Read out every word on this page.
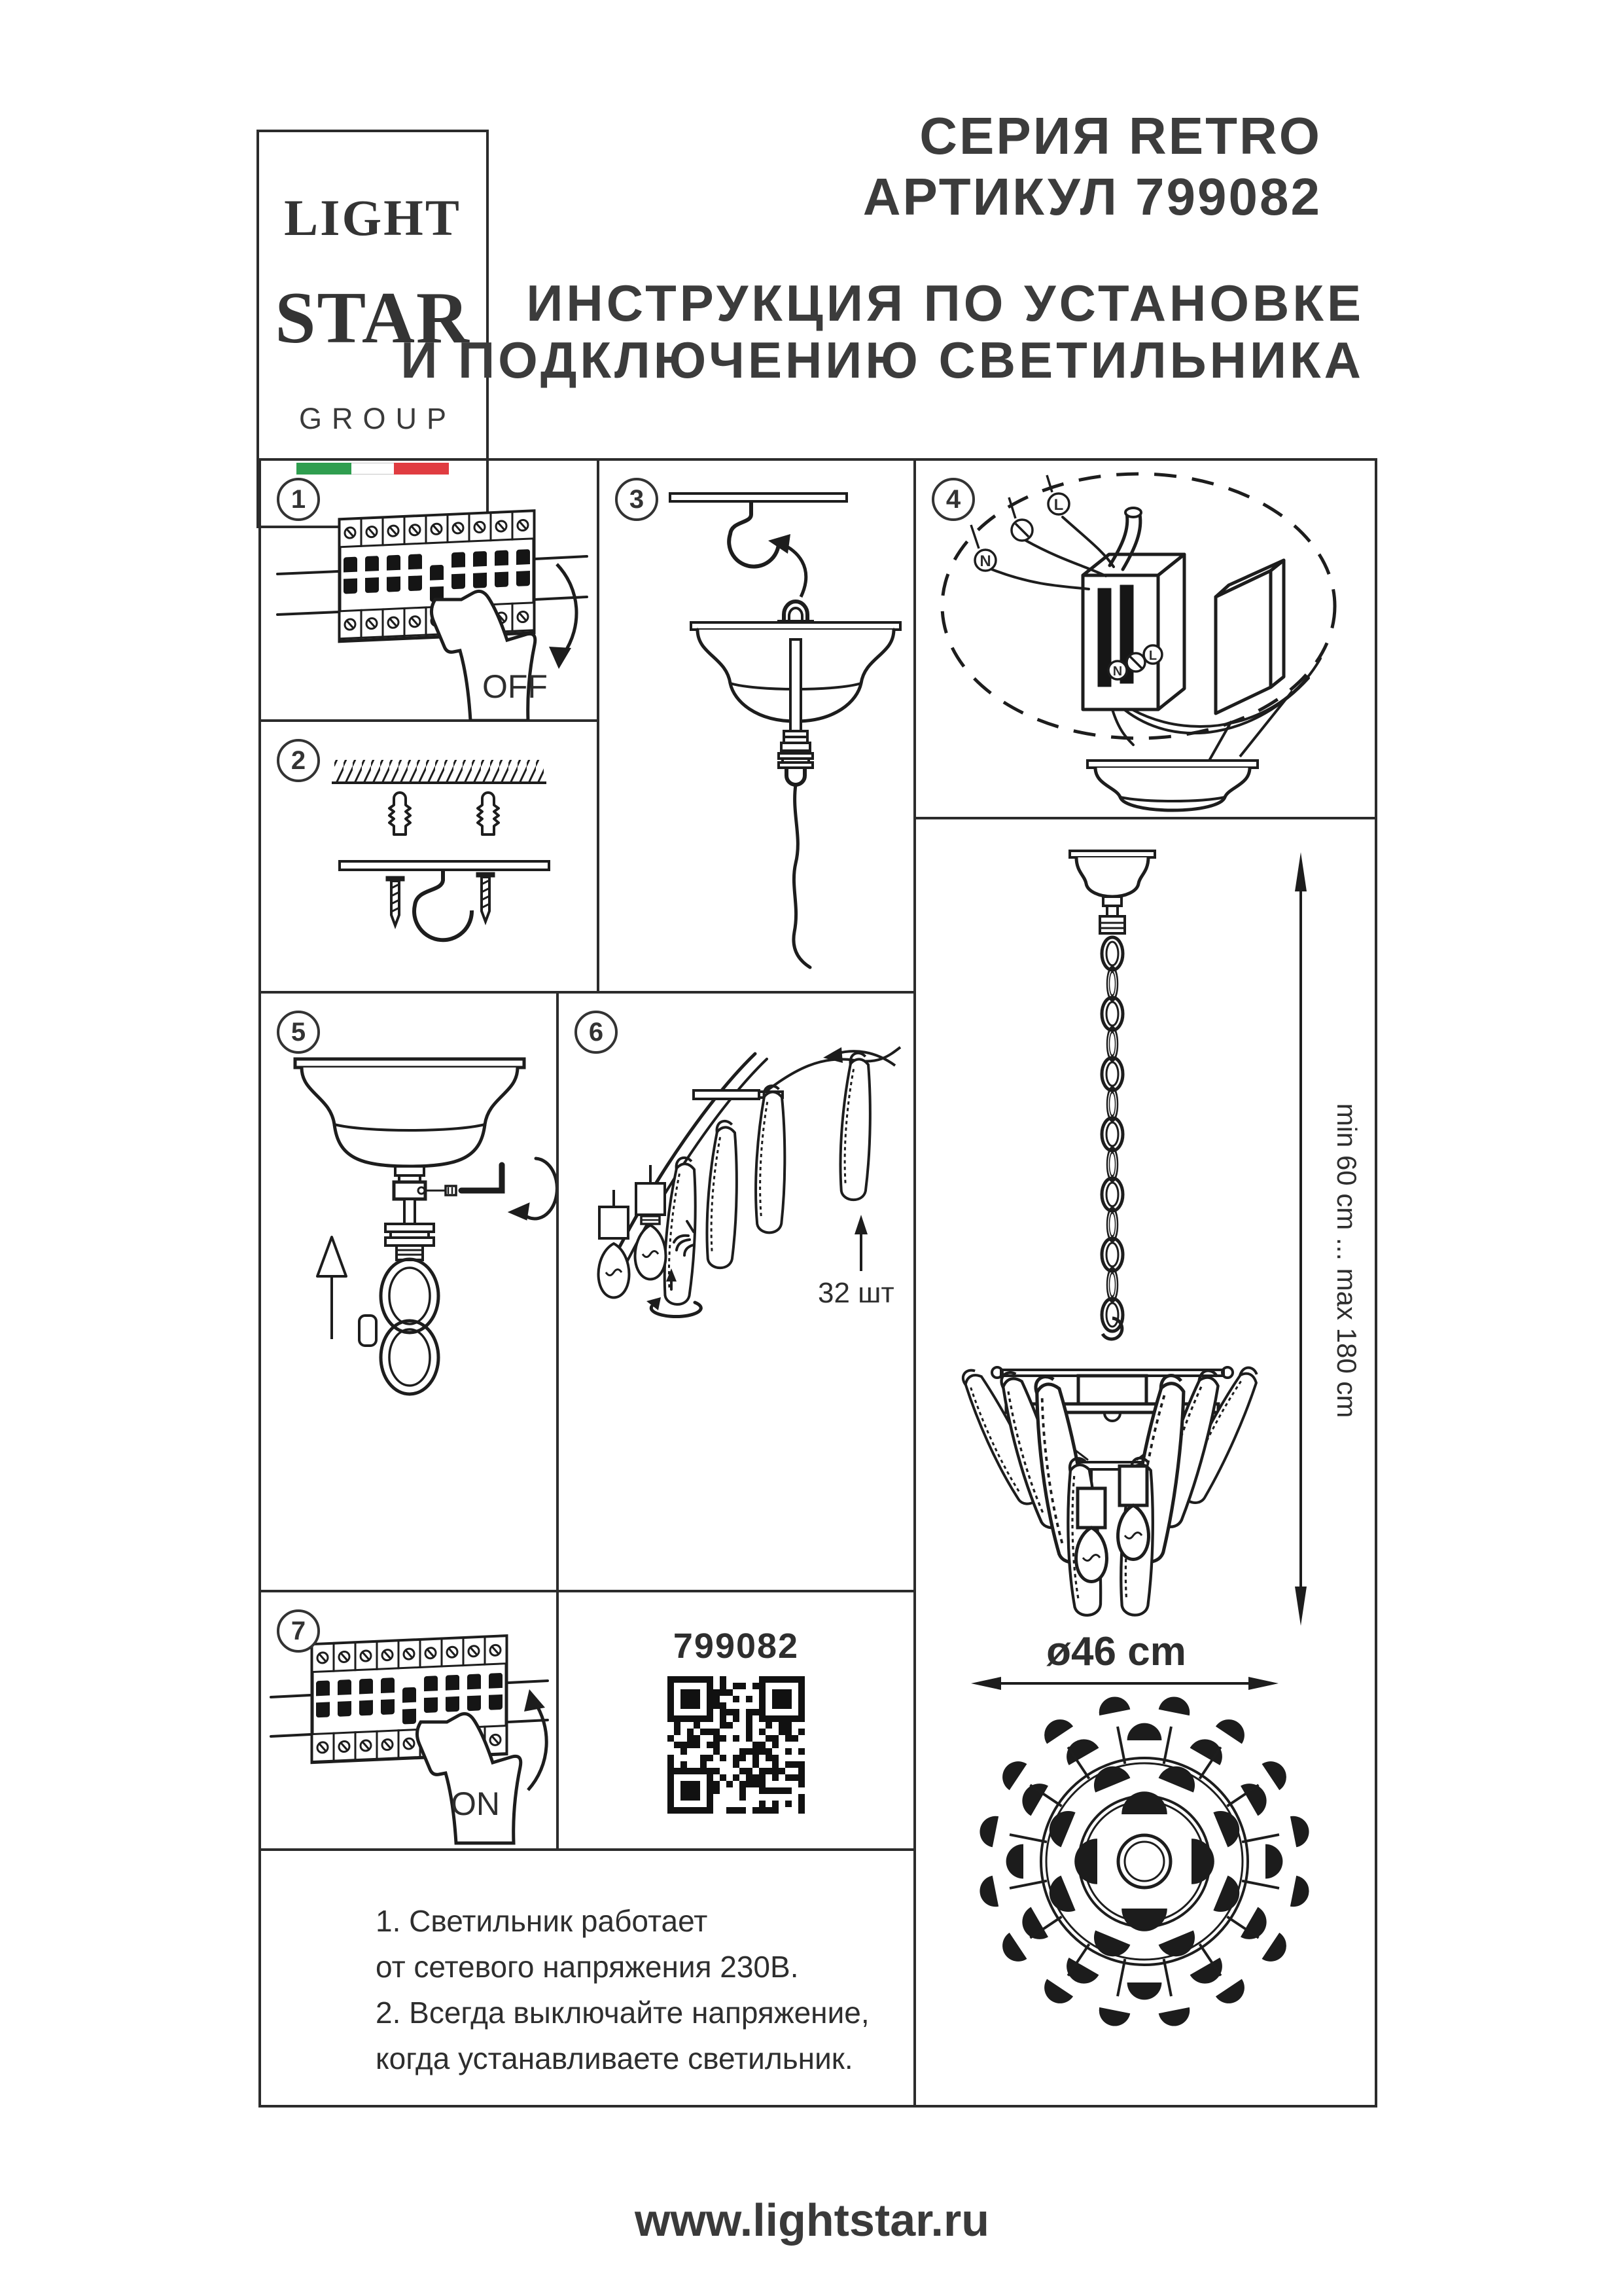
LIGHT
STAR
GROUP
СЕРИЯ RETRO
АРТИКУЛ 799082
ИНСТРУКЦИЯ ПО УСТАНОВКЕ
И ПОДКЛЮЧЕНИЮ СВЕТИЛЬНИКА
1
OFF
2
3	4
N
L
N
L
5	6
32 шт
7
ON
799082
1. Светильник работает
от сетевого напряжения 230В.
2. Всегда выключайте напряжение,
когда устанавливаете светильник.
min 60 cm ... max 180 cm
ø46 cm
www.lightstar.ru
